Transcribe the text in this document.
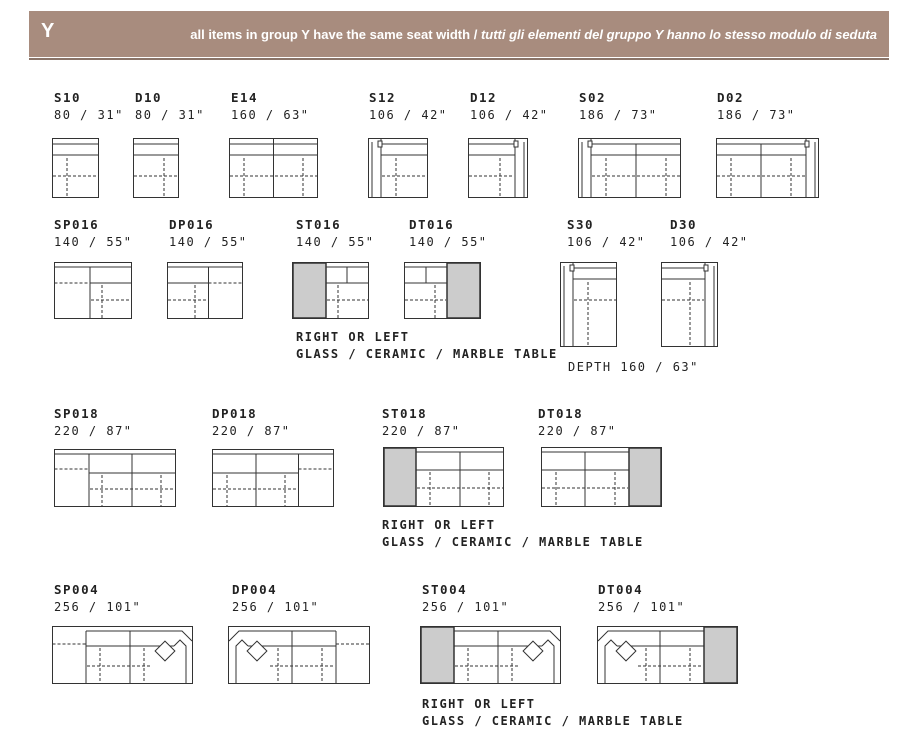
Y	all items in group Y have the same seat width / tutti gli elementi del gruppo Y hanno lo stesso modulo di seduta
S10
80 / 31"
D10
80 / 31"
E14
160 / 63"
S12
106 / 42"
D12
106 / 42"
S02
186 / 73"
D02
186 / 73"
SP016
140 / 55"
DP016
140 / 55"
ST016
140 / 55"
DT016
140 / 55"
RIGHT OR LEFT
GLASS / CERAMIC / MARBLE TABLE
S30
106 / 42"
DEPTH 160 / 63"
D30
106 / 42"
SP018
220 / 87"
DP018
220 / 87"
ST018
220 / 87"
DT018
220 / 87"
RIGHT OR LEFT
GLASS / CERAMIC / MARBLE TABLE
SP004
256 / 101"
DP004
256 / 101"
ST004
256 / 101"
DT004
256 / 101"
RIGHT OR LEFT
GLASS / CERAMIC / MARBLE TABLE
